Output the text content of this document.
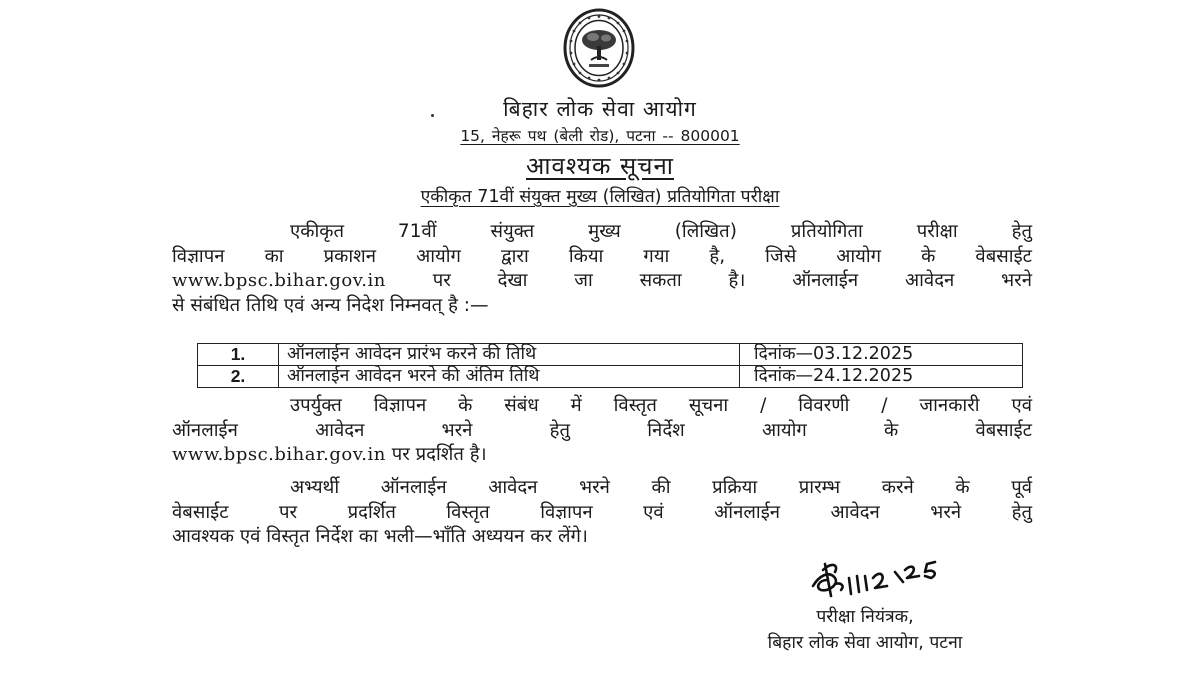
बिहार लोक सेवा आयोग
15, नेहरू पथ (बेली रोड), पटना -- 800001
आवश्यक सूचना
एकीकृत 71वीं संयुक्त मुख्य (लिखित) प्रतियोगिता परीक्षा
एकीकृत 71वीं संयुक्त मुख्य (लिखित) प्रतियोगिता परीक्षा हेतु
विज्ञापन का प्रकाशन आयोग द्वारा किया गया है, जिसे आयोग के वेबसाईट
www.bpsc.bihar.gov.in	पर देखा जा सकता है। ऑनलाईन आवेदन भरने
से संबंधित तिथि एवं अन्य निदेश निम्नवत् है :—
1.	ऑनलाईन आवेदन प्रारंभ करने की तिथि	दिनांक—03.12.2025
2.	ऑनलाईन आवेदन भरने की अंतिम तिथि	दिनांक—24.12.2025
उपर्युक्त विज्ञापन के संबंध में विस्तृत सूचना / विवरणी / जानकारी एवं
ऑनलाईन आवेदन भरने हेतु निर्देश आयोग के वेबसाईट
www.bpsc.bihar.gov.in पर प्रदर्शित है।
अभ्यर्थी ऑनलाईन आवेदन भरने की प्रक्रिया प्रारम्भ करने के पूर्व
वेबसाईट पर प्रदर्शित विस्तृत विज्ञापन एवं ऑनलाईन आवेदन भरने हेतु
आवश्यक एवं विस्तृत निर्देश का भली—भाँति अध्ययन कर लेंगे।
परीक्षा नियंत्रक,
बिहार लोक सेवा आयोग, पटना
